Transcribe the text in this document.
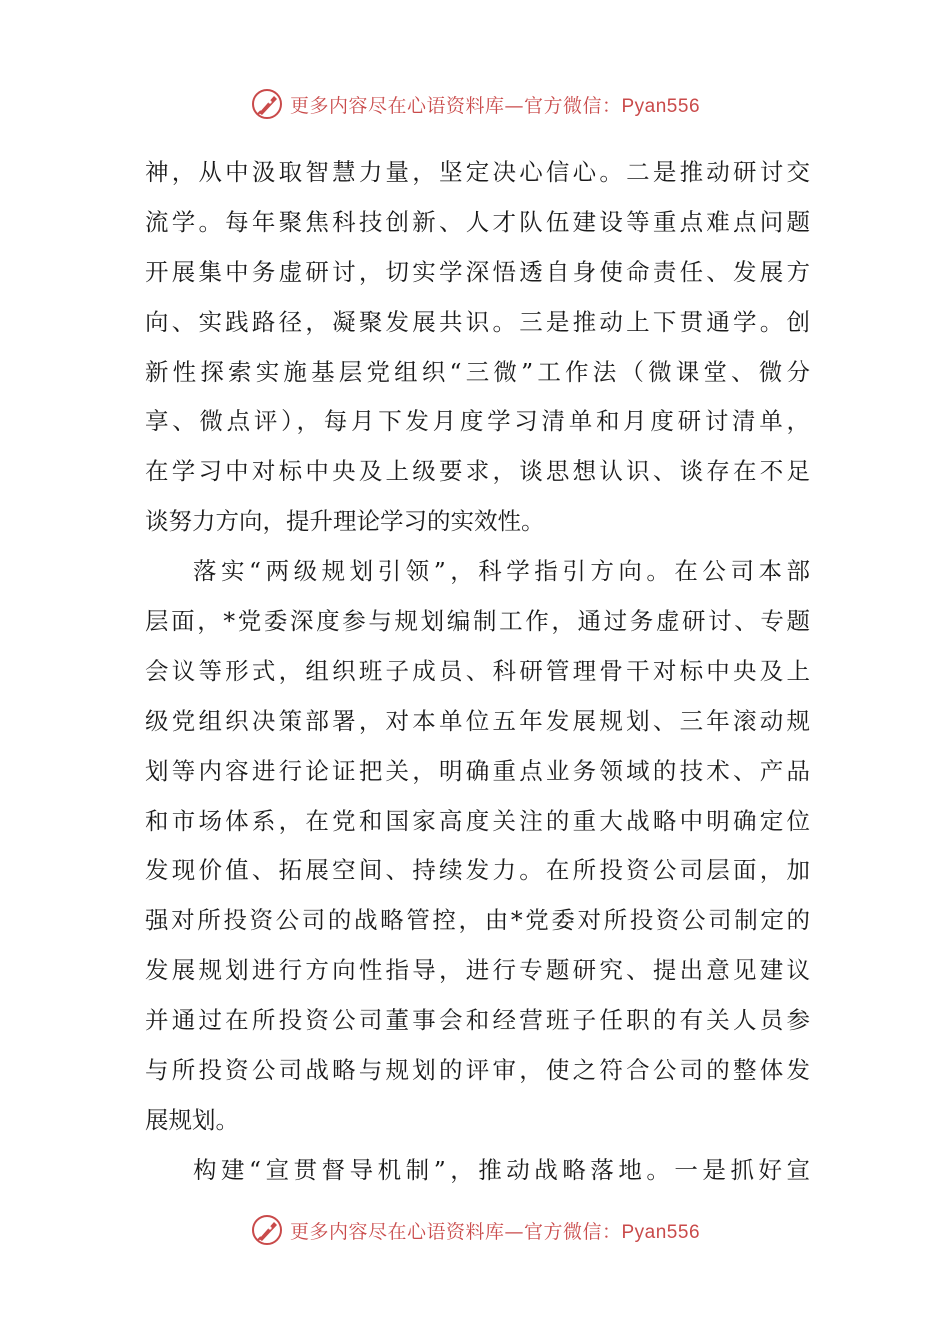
更多内容尽在心语资料库—官方微信：Pyan556
神，从中汲取智慧力量，坚定决心信心。二是推动研讨交
流学。每年聚焦科技创新、人才队伍建设等重点难点问题
开展集中务虚研讨，切实学深悟透自身使命责任、发展方
向、实践路径，凝聚发展共识。三是推动上下贯通学。创
新性探索实施基层党组织“三微”工作法（微课堂、微分
享、微点评），每月下发月度学习清单和月度研讨清单，
在学习中对标中央及上级要求，谈思想认识、谈存在不足
谈努力方向，提升理论学习的实效性。
落实“两级规划引领”，科学指引方向。在公司本部
层面，*党委深度参与规划编制工作，通过务虚研讨、专题
会议等形式，组织班子成员、科研管理骨干对标中央及上
级党组织决策部署，对本单位五年发展规划、三年滚动规
划等内容进行论证把关，明确重点业务领域的技术、产品
和市场体系，在党和国家高度关注的重大战略中明确定位
发现价值、拓展空间、持续发力。在所投资公司层面，加
强对所投资公司的战略管控，由*党委对所投资公司制定的
发展规划进行方向性指导，进行专题研究、提出意见建议
并通过在所投资公司董事会和经营班子任职的有关人员参
与所投资公司战略与规划的评审，使之符合公司的整体发
展规划。
构建“宣贯督导机制”，推动战略落地。一是抓好宣
更多内容尽在心语资料库—官方微信：Pyan556
